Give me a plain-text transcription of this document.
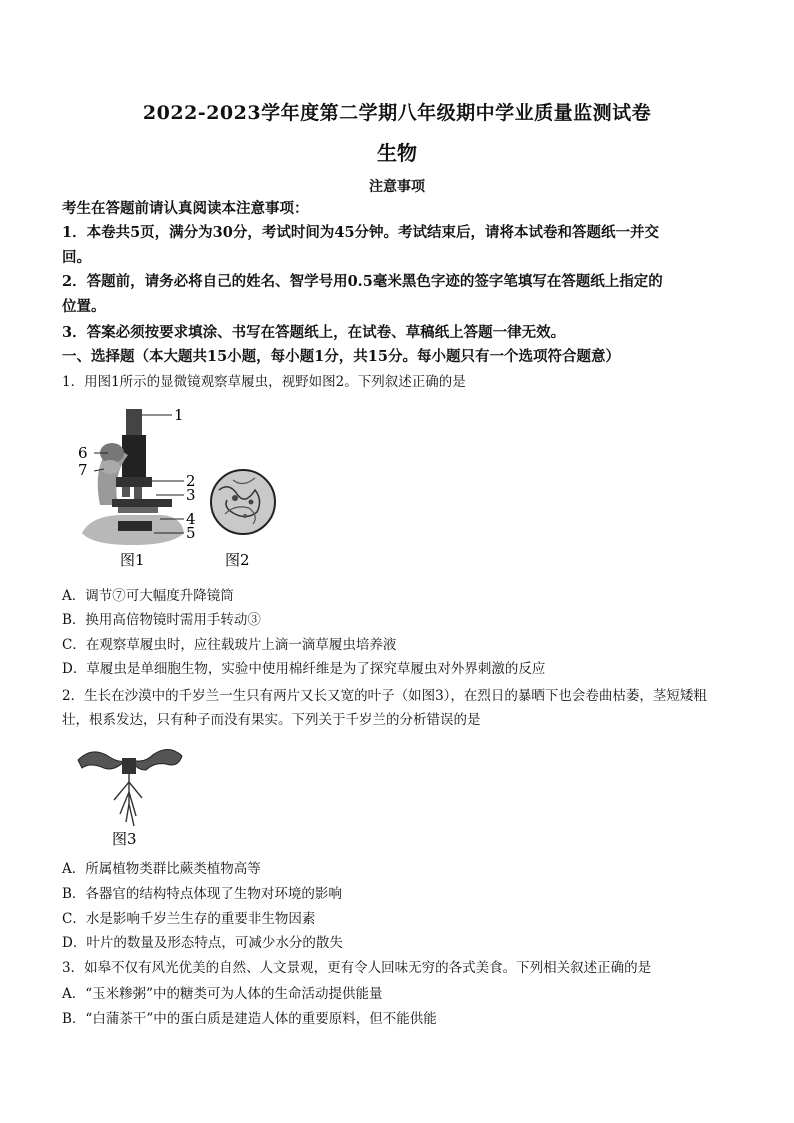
2022-2023学年度第二学期八年级期中学业质量监测试卷
生物
注意事项
考生在答题前请认真阅读本注意事项：
1．本卷共5页，满分为30分，考试时间为45分钟。考试结束后，请将本试卷和答题纸一并交
回。
2．答题前，请务必将自己的姓名、智学号用0.5毫米黑色字迹的签字笔填写在答题纸上指定的
位置。
3．答案必须按要求填涂、书写在答题纸上，在试卷、草稿纸上答题一律无效。
一、选择题（本大题共15小题，每小题1分，共15分。每小题只有一个选项符合题意）
1．用图1所示的显微镜观察草履虫，视野如图2。下列叙述正确的是
1
6
7
2
3
4
5
图1	图2
A．调节⑦可大幅度升降镜筒
B．换用高倍物镜时需用手转动③
C．在观察草履虫时，应往载玻片上滴一滴草履虫培养液
D．草履虫是单细胞生物，实验中使用棉纤维是为了探究草履虫对外界刺激的反应
2．生长在沙漠中的千岁兰一生只有两片又长又宽的叶子（如图3），在烈日的暴晒下也会卷曲枯萎，茎短矮粗
壮，根系发达，只有种子而没有果实。下列关于千岁兰的分析错误的是
图3
A．所属植物类群比蕨类植物高等
B．各器官的结构特点体现了生物对环境的影响
C．水是影响千岁兰生存的重要非生物因素
D．叶片的数量及形态特点，可减少水分的散失
3．如皋不仅有风光优美的自然、人文景观，更有令人回味无穷的各式美食。下列相关叙述正确的是
A．“玉米糁粥”中的糖类可为人体的生命活动提供能量
B．“白蒲茶干”中的蛋白质是建造人体的重要原料，但不能供能
